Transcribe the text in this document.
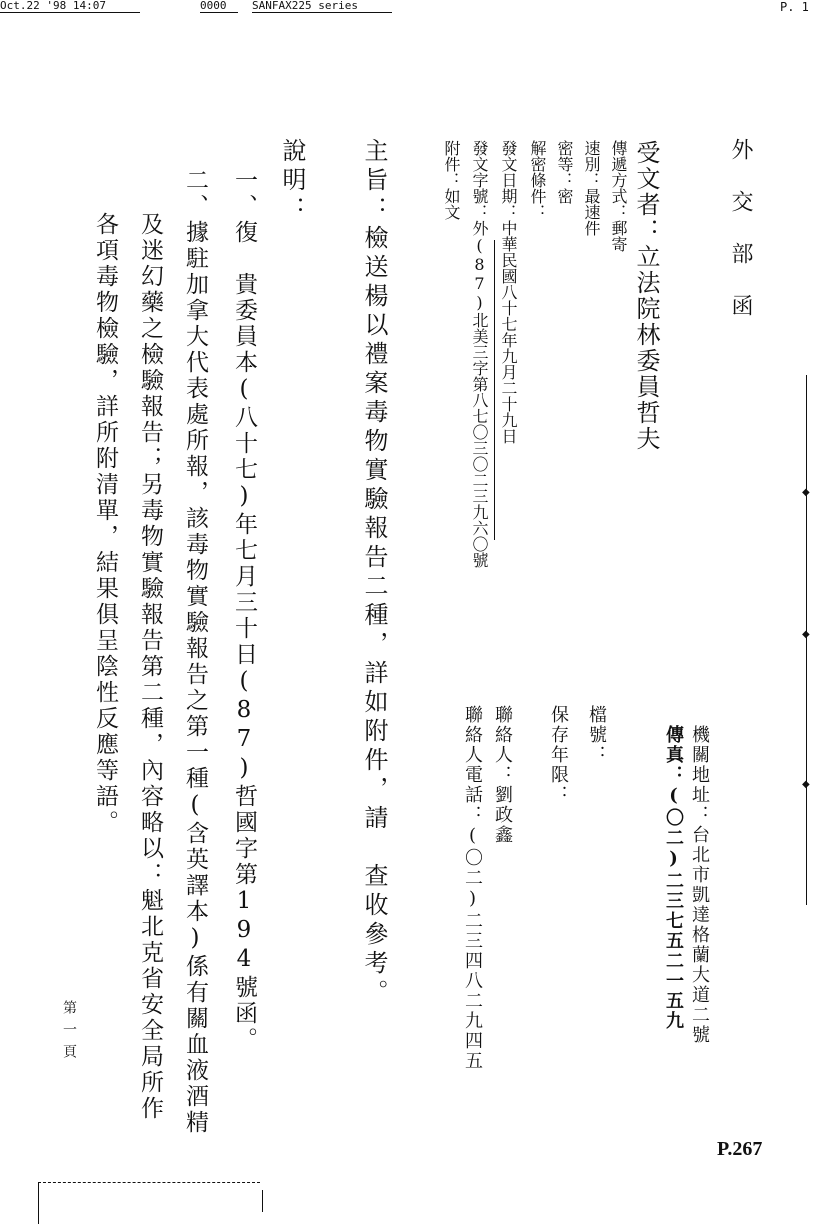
Oct.22 '98 14:07	0000	SANFAX225 series	P. 1
外交部函
受文者：立法院林委員哲夫
傳遞方式：郵寄
速別：最速件
密等：密
解密條件：
發文日期：中華民國八十七年九月二十九日
發文字號：外(87)北美三字第八七〇三〇二三九六〇號
附件：如文
機關地址：台北市凱達格蘭大道二號
傳真：(〇二)二三七五二一五九
檔號：
保存年限：
聯絡人：劉政鑫
聯絡人電話：(〇二)二三四八二九四五
主旨：檢送楊以禮案毒物實驗報告二種，詳如附件，請　查收參考。
說明：
一、復　貴委員本(八十七)年七月三十日(87)哲國字第194號函。
二、據駐加拿大代表處所報，該毒物實驗報告之第一種(含英譯本)係有關血液酒精
及迷幻藥之檢驗報告；另毒物實驗報告第二種，內容略以：魁北克省安全局所作
各項毒物檢驗，詳所附清單，結果俱呈陰性反應等語。
第一頁
P.267
◆
◆
◆
